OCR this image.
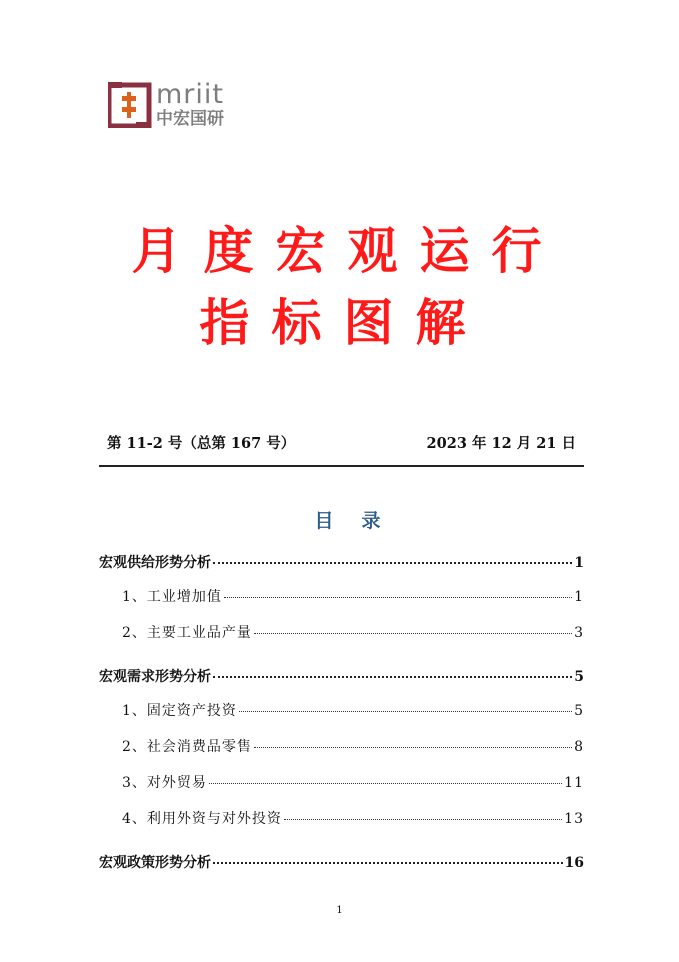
mriit
中宏国研
月度宏观运行
指标图解
第 11-2 号（总第 167 号）	2023 年 12 月 21 日
目录
宏观供给形势分析	1
1、工业增加值	1
2、主要工业品产量	3
宏观需求形势分析	5
1、固定资产投资	5
2、社会消费品零售	8
3、对外贸易	11
4、利用外资与对外投资	13
宏观政策形势分析	16
1
